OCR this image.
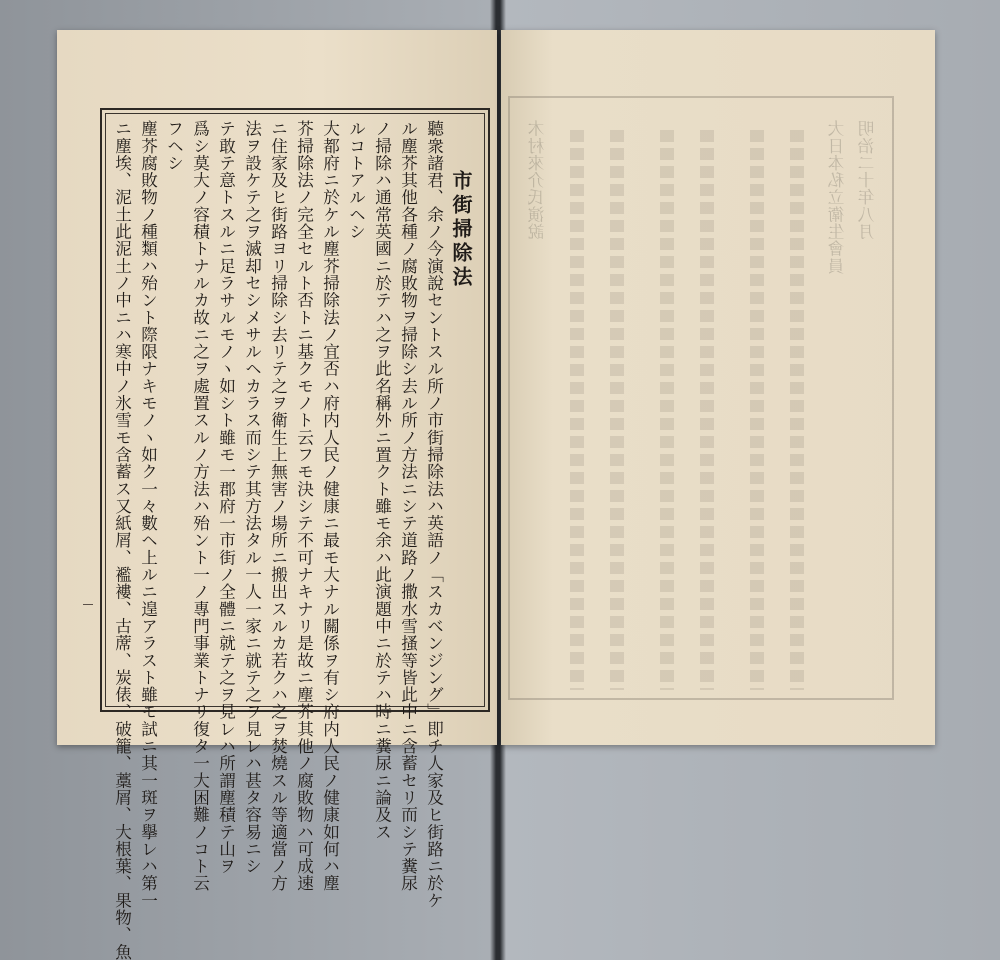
明治二十年八月
大日本私立衛生會員
木村來介氏演說
市街掃除法
聽衆諸君、余ノ今演說セントスル所ノ市街掃除法ハ英語ノ「スカベンジング」即チ人家及ヒ街路ニ於ケ
ル塵芥其他各種ノ腐敗物ヲ掃除シ去ル所ノ方法ニシテ道路ノ撒水雪搔等皆此中ニ含蓄セリ而シテ糞尿
ノ掃除ハ通常英國ニ於テハ之ヲ此名稱外ニ置クト雖モ余ハ此演題中ニ於テハ時ニ糞尿ニ論及ス
ルコトアルヘシ
大都府ニ於ケル塵芥掃除法ノ宜否ハ府内人民ノ健康ニ最モ大ナル關係ヲ有シ府内人民ノ健康如何ハ塵
芥掃除法ノ完全セルト否トニ基クモノト云フモ決シテ不可ナキナリ是故ニ塵芥其他ノ腐敗物ハ可成速
ニ住家及ヒ街路ヨリ掃除シ去リテ之ヲ衛生上無害ノ場所ニ搬出スルカ若クハ之ヲ焚燒スル等適當ノ方
法ヲ設ケテ之ヲ滅却セシメサルヘカラス而シテ其方法タル一人一家ニ就テ之ヲ見レハ甚タ容易ニシ
テ敢テ意トスルニ足ラサルモノヽ如シト雖モ一郡府一市街ノ全體ニ就テ之ヲ見レハ所謂塵積テ山ヲ
爲シ莫大ノ容積トナルカ故ニ之ヲ處置スルノ方法ハ殆ント一ノ專門事業トナリ復タ一大困難ノコト云
フヘシ
塵芥腐敗物ノ種類ハ殆ント際限ナキモノヽ如ク一々數ヘ上ルニ遑アラスト雖モ試ニ其一斑ヲ擧レハ第一
ニ塵埃、泥土此泥土ノ中ニハ寒中ノ氷雪モ含蓄ス又紙屑、襤褸、古蓆、炭俵、破籠、藁屑、大根葉、果物、魚
